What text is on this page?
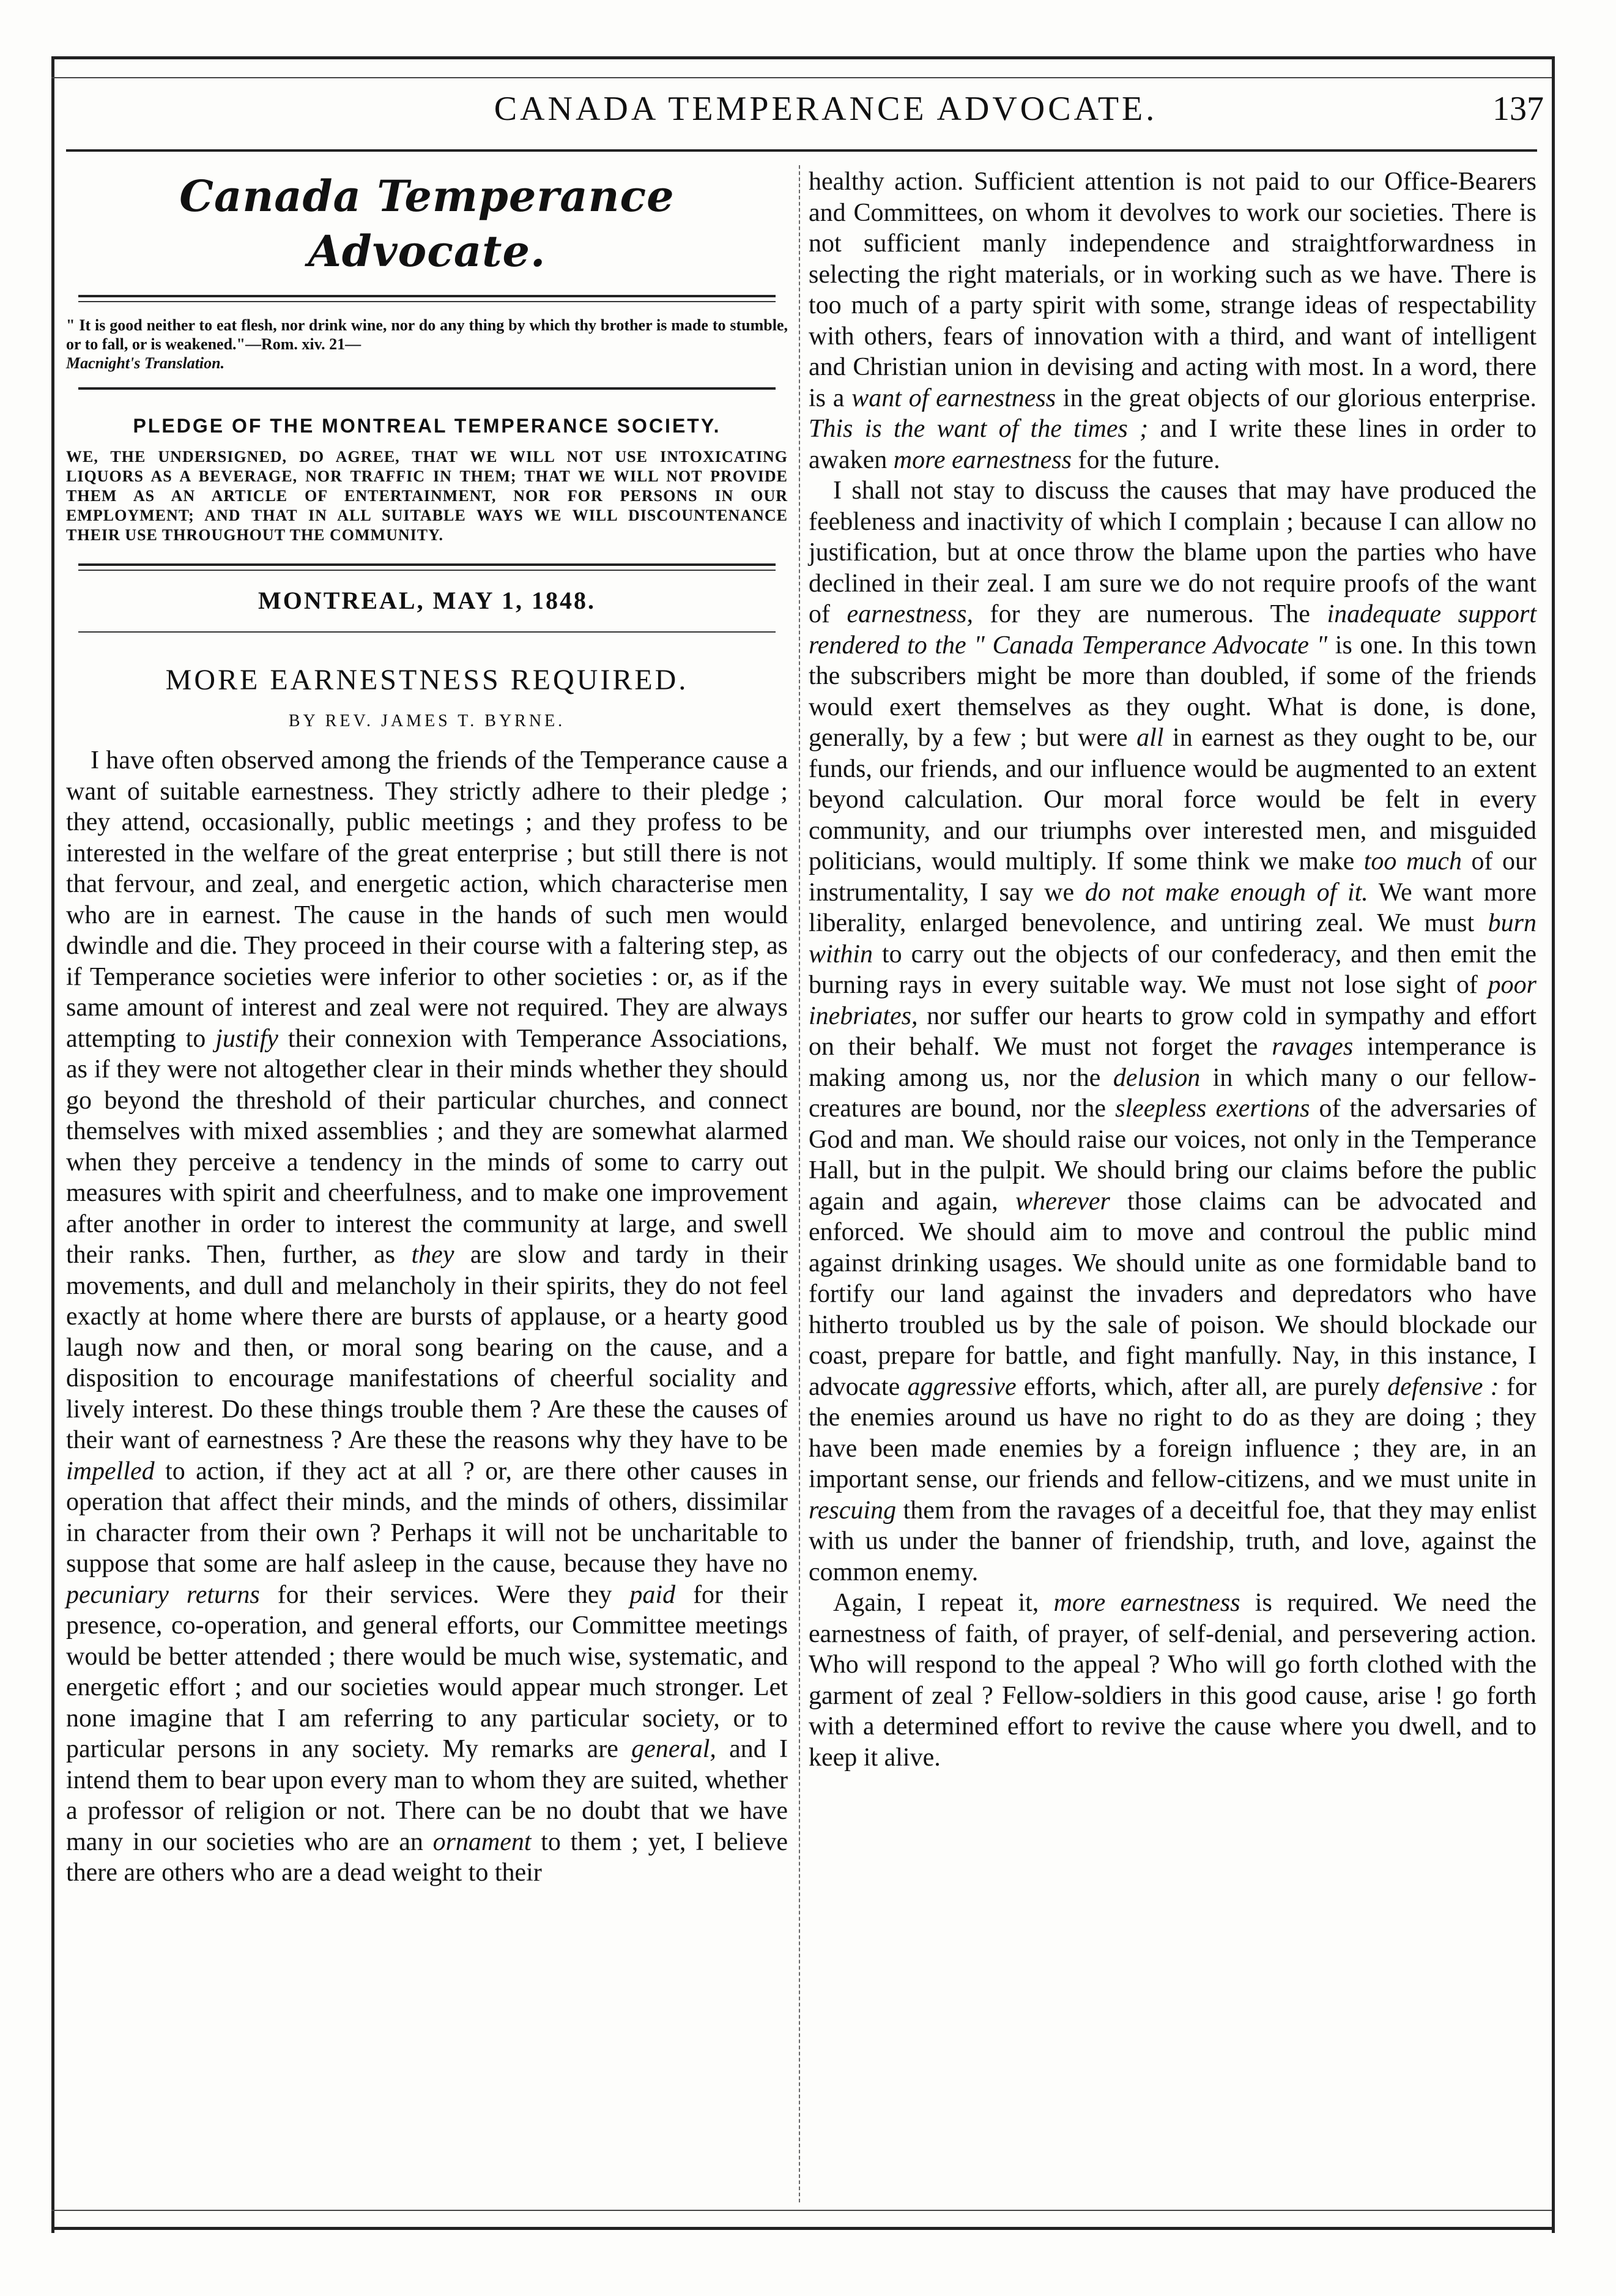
CANADA TEMPERANCE ADVOCATE.	137
Canada Temperance Advocate.
" It is good neither to eat flesh, nor drink wine, nor do any thing by which thy brother is made to stumble, or to fall, or is weakened."—Rom. xiv. 21—
Macnight's Translation.
PLEDGE OF THE MONTREAL TEMPERANCE SOCIETY.
WE, THE UNDERSIGNED, DO AGREE, THAT WE WILL NOT USE INTOXICATING LIQUORS AS A BEVERAGE, NOR TRAFFIC IN THEM; THAT WE WILL NOT PROVIDE THEM AS AN ARTICLE OF ENTERTAINMENT, NOR FOR PERSONS IN OUR EMPLOYMENT; AND THAT IN ALL SUITABLE WAYS WE WILL DISCOUNTENANCE THEIR USE THROUGHOUT THE COMMUNITY.
MONTREAL, MAY 1, 1848.
MORE EARNESTNESS REQUIRED.
BY REV. JAMES T. BYRNE.

I have often observed among the friends of the Temperance cause a want of suitable earnestness. They strictly adhere to their pledge ; they attend, occasionally, public meetings ; and they profess to be interested in the welfare of the great enterprise ; but still there is not that fervour, and zeal, and energetic action, which characterise men who are in earnest. The cause in the hands of such men would dwindle and die. They proceed in their course with a faltering step, as if Temperance societies were inferior to other societies : or, as if the same amount of interest and zeal were not required. They are always attempting to justify their connexion with Temperance Associations, as if they were not altogether clear in their minds whether they should go beyond the threshold of their particular churches, and connect themselves with mixed assemblies ; and they are somewhat alarmed when they perceive a tendency in the minds of some to carry out measures with spirit and cheerfulness, and to make one improvement after another in order to interest the community at large, and swell their ranks. Then, further, as they are slow and tardy in their movements, and dull and melancholy in their spirits, they do not feel exactly at home where there are bursts of applause, or a hearty good laugh now and then, or moral song bearing on the cause, and a disposition to encourage manifestations of cheerful sociality and lively interest. Do these things trouble them ? Are these the causes of their want of earnestness ? Are these the reasons why they have to be impelled to action, if they act at all ? or, are there other causes in operation that affect their minds, and the minds of others, dissimilar in character from their own ? Perhaps it will not be uncharitable to suppose that some are half asleep in the cause, because they have no pecuniary returns for their services. Were they paid for their presence, co-operation, and general efforts, our Committee meetings would be better attended ; there would be much wise, systematic, and energetic effort ; and our societies would appear much stronger. Let none imagine that I am referring to any particular society, or to particular persons in any society. My remarks are general, and I intend them to bear upon every man to whom they are suited, whether a professor of religion or not. There can be no doubt that we have many in our societies who are an ornament to them ; yet, I believe there are others who are a dead weight to their

healthy action. Sufficient attention is not paid to our Office-Bearers and Committees, on whom it devolves to work our societies. There is not sufficient manly independence and straightforwardness in selecting the right materials, or in working such as we have. There is too much of a party spirit with some, strange ideas of respectability with others, fears of innovation with a third, and want of intelligent and Christian union in devising and acting with most. In a word, there is a want of earnestness in the great objects of our glorious enterprise. This is the want of the times ; and I write these lines in order to awaken more earnestness for the future.

I shall not stay to discuss the causes that may have produced the feebleness and inactivity of which I complain ; because I can allow no justification, but at once throw the blame upon the parties who have declined in their zeal. I am sure we do not require proofs of the want of earnestness, for they are numerous. The inadequate support rendered to the " Canada Temperance Advocate " is one. In this town the subscribers might be more than doubled, if some of the friends would exert themselves as they ought. What is done, is done, generally, by a few ; but were all in earnest as they ought to be, our funds, our friends, and our influence would be augmented to an extent beyond calculation. Our moral force would be felt in every community, and our triumphs over interested men, and misguided politicians, would multiply. If some think we make too much of our instrumentality, I say we do not make enough of it. We want more liberality, enlarged benevolence, and untiring zeal. We must burn within to carry out the objects of our confederacy, and then emit the burning rays in every suitable way. We must not lose sight of poor inebriates, nor suffer our hearts to grow cold in sympathy and effort on their behalf. We must not forget the ravages intemperance is making among us, nor the delusion in which many o our fellow-creatures are bound, nor the sleepless exertions of the adversaries of God and man. We should raise our voices, not only in the Temperance Hall, but in the pulpit. We should bring our claims before the public again and again, wherever those claims can be advocated and enforced. We should aim to move and controul the public mind against drinking usages. We should unite as one formidable band to fortify our land against the invaders and depredators who have hitherto troubled us by the sale of poison. We should blockade our coast, prepare for battle, and fight manfully. Nay, in this instance, I advocate aggressive efforts, which, after all, are purely defensive : for the enemies around us have no right to do as they are doing ; they have been made enemies by a foreign influence ; they are, in an important sense, our friends and fellow-citizens, and we must unite in rescuing them from the ravages of a deceitful foe, that they may enlist with us under the banner of friendship, truth, and love, against the common enemy.

Again, I repeat it, more earnestness is required. We need the earnestness of faith, of prayer, of self-denial, and persevering action. Who will respond to the appeal ? Who will go forth clothed with the garment of zeal ? Fellow-soldiers in this good cause, arise ! go forth with a determined effort to revive the cause where you dwell, and to keep it alive.
